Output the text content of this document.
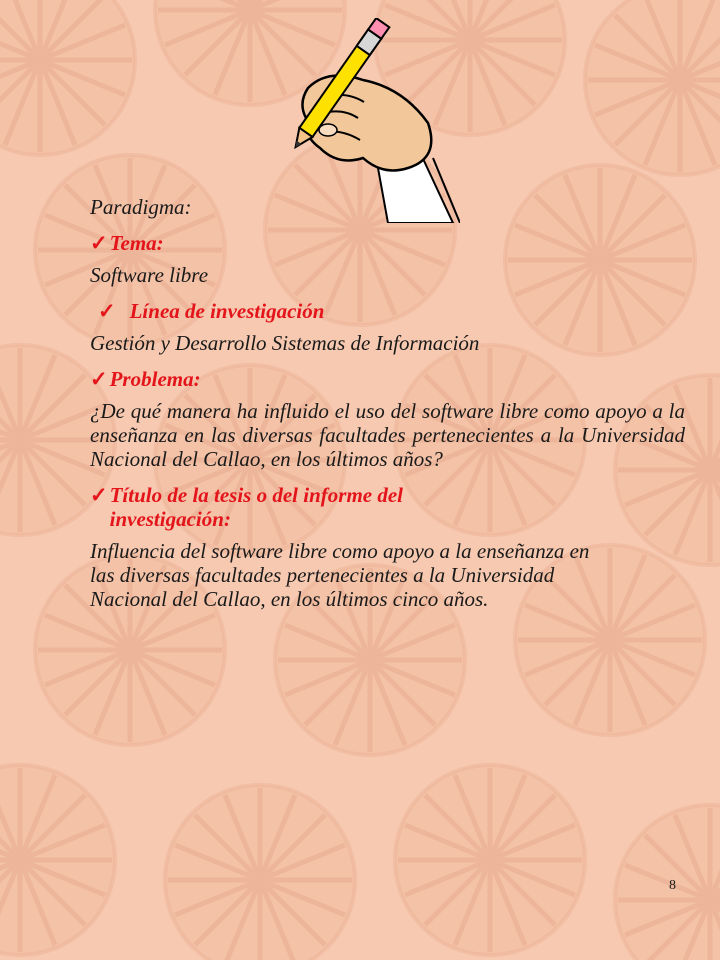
Paradigma:

✓ Tema:

Software libre

✓ Línea de investigación

Gestión y Desarrollo Sistemas de Información

✓ Problema:

¿De qué manera ha influido el uso del software libre como apoyo a la enseñanza en las diversas facultades pertenecientes a la Universidad Nacional del Callao, en los últimos años?

✓ Título de la tesis o del informe del
investigación:

Influencia del software libre como apoyo a la enseñanza en las diversas facultades pertenecientes a la Universidad Nacional del Callao, en los últimos cinco años.

8
